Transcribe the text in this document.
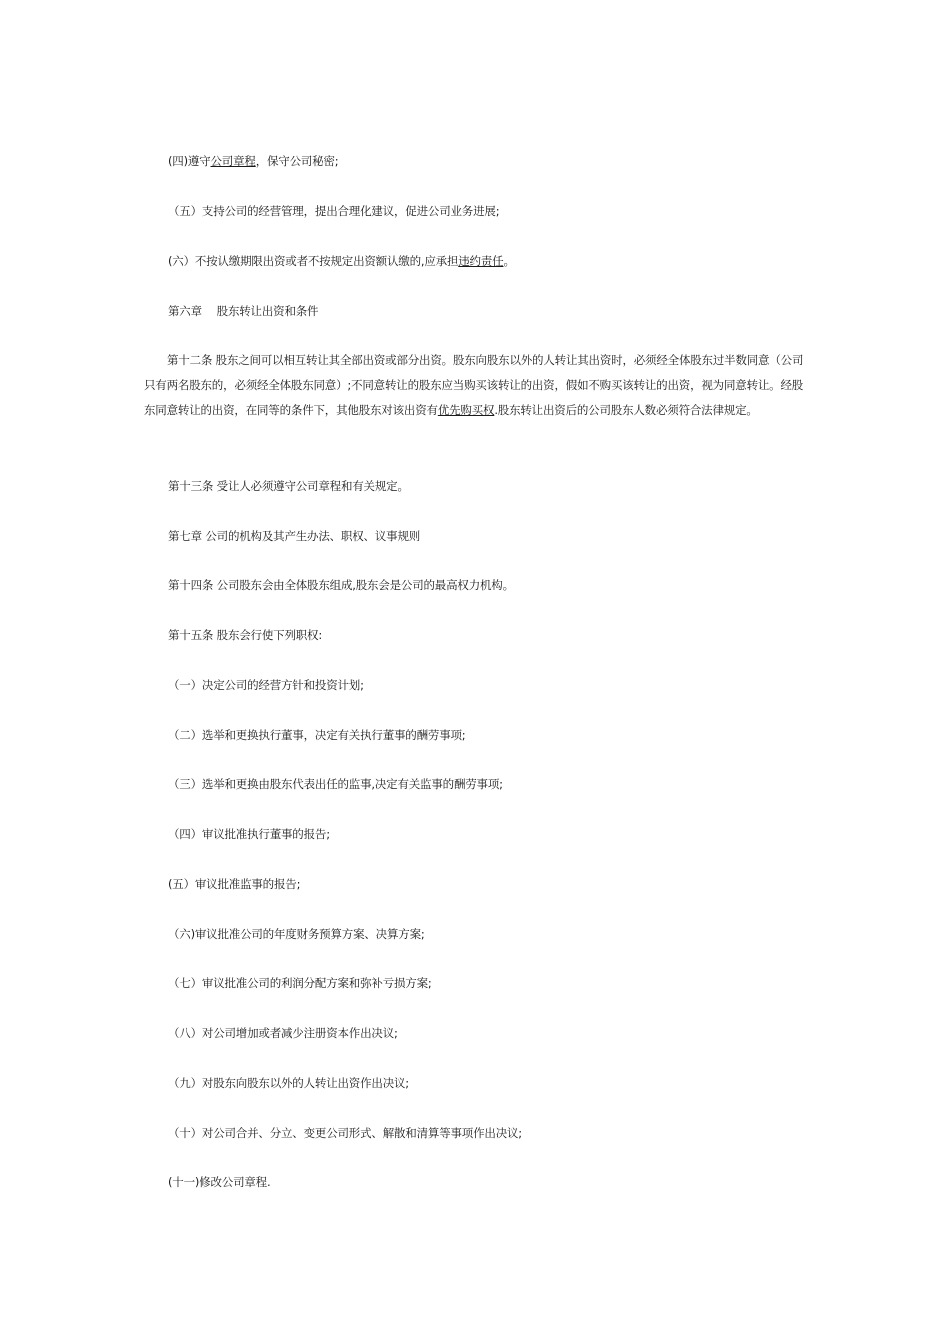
(四)遵守公司章程，保守公司秘密;
（五）支持公司的经营管理，提出合理化建议，促进公司业务进展;
(六）不按认缴期限出资或者不按规定出资额认缴的,应承担违约责任。
第六章　 股东转让出资和条件
第十二条 股东之间可以相互转让其全部出资或部分出资。股东向股东以外的人转让其出资时，必须经全体股东过半数同意（公司只有两名股东的，必须经全体股东同意）;不同意转让的股东应当购买该转让的出资，假如不购买该转让的出资，视为同意转让。经股东同意转让的出资，在同等的条件下，其他股东对该出资有优先购买权.股东转让出资后的公司股东人数必须符合法律规定。
第十三条 受让人必须遵守公司章程和有关规定。
第七章 公司的机构及其产生办法、职权、议事规则
第十四条 公司股东会由全体股东组成,股东会是公司的最高权力机构。
第十五条 股东会行使下列职权:
（一）决定公司的经营方针和投资计划;
（二）选举和更换执行董事，决定有关执行董事的酬劳事项;
（三）选举和更换由股东代表出任的监事,决定有关监事的酬劳事项;
（四）审议批准执行董事的报告;
(五）审议批准监事的报告;
（六)审议批准公司的年度财务预算方案、决算方案;
（七）审议批准公司的利润分配方案和弥补亏损方案;
（八）对公司增加或者减少注册资本作出决议;
（九）对股东向股东以外的人转让出资作出决议;
（十）对公司合并、分立、变更公司形式、解散和清算等事项作出决议;
(十一)修改公司章程.
